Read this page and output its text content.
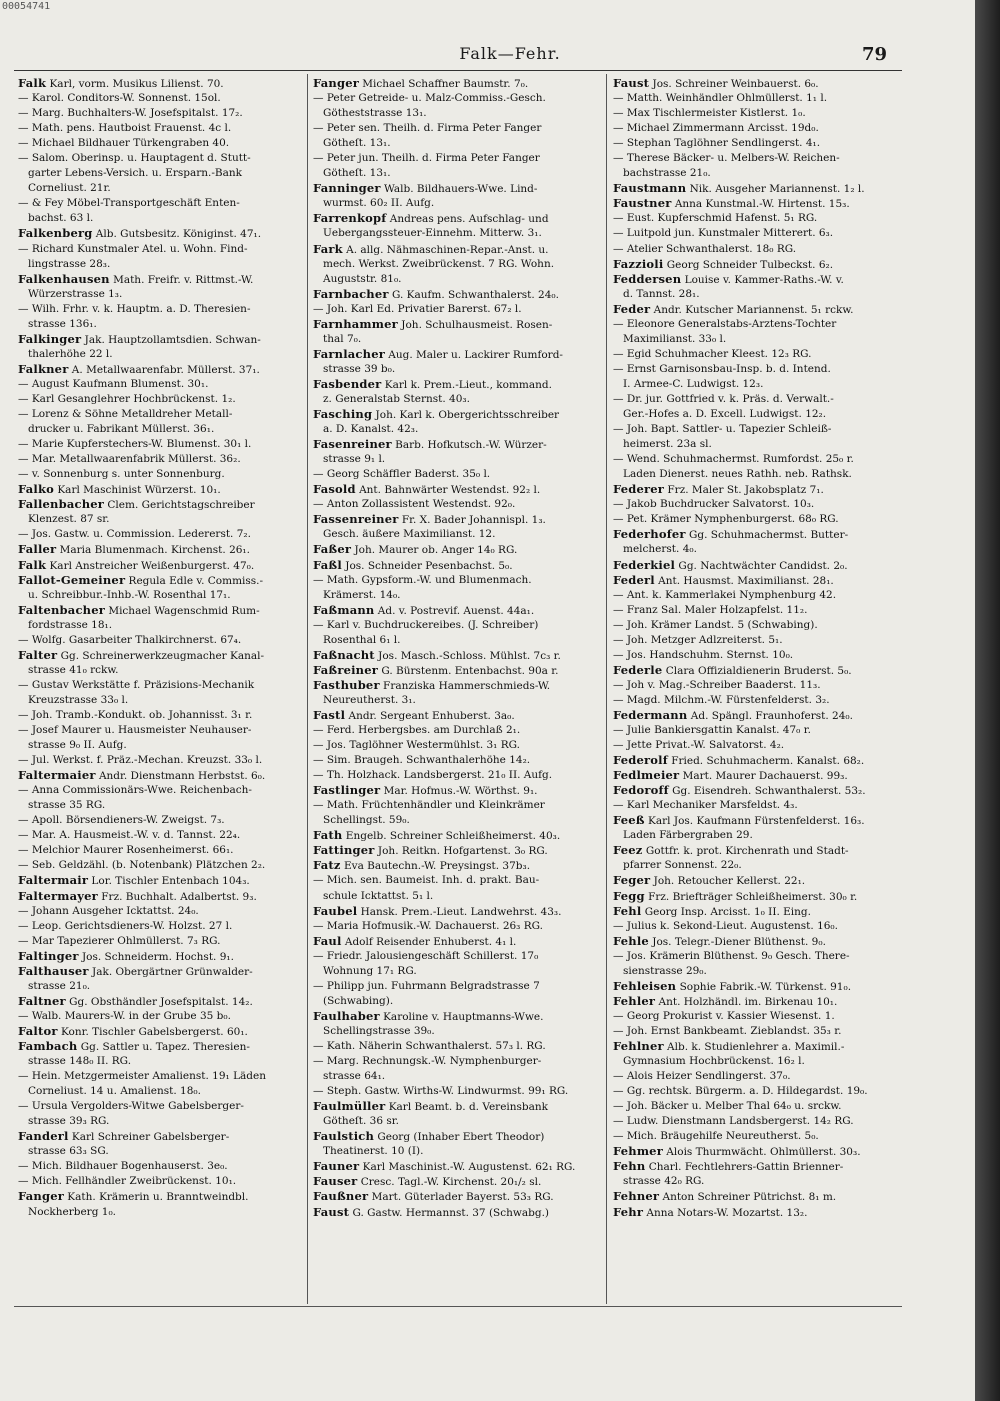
00054741
Falk—Fehr.	79
Falk Karl, vorm. Musikus Lilienst. 70.
— Karol. Conditors-W. Sonnenst. 15ol.
— Marg. Buchhalters-W. Josefspitalst. 17₂.
— Math. pens. Hautboist Frauenst. 4c l.
— Michael Bildhauer Türkengraben 40.
— Salom. Oberinsp. u. Hauptagent d. Stutt-
garter Lebens-Versich. u. Ersparn.-Bank
Corneliust. 21r.
— & Fey Möbel-Transportgeschäft Enten-
bachst. 63 l.
Falkenberg Alb. Gutsbesitz. Königinst. 47₁.
— Richard Kunstmaler Atel. u. Wohn. Find-
lingstrasse 28₃.
Falkenhausen Math. Freifr. v. Rittmst.-W.
Würzerstrasse 1₃.
— Wilh. Frhr. v. k. Hauptm. a. D. Theresien-
strasse 136₁.
Falkinger Jak. Hauptzollamtsdien. Schwan-
thalerhöhe 22 l.
Falkner A. Metallwaarenfabr. Müllerst. 37₁.
— August Kaufmann Blumenst. 30₁.
— Karl Gesanglehrer Hochbrückenst. 1₂.
— Lorenz & Söhne Metalldreher Metall-
drucker u. Fabrikant Müllerst. 36₁.
— Marie Kupferstechers-W. Blumenst. 30₁ l.
— Mar. Metallwaarenfabrik Müllerst. 36₂.
— v. Sonnenburg s. unter Sonnenburg.
Falko Karl Maschinist Würzerst. 10₁.
Fallenbacher Clem. Gerichtstagschreiber
Klenzest. 87 sr.
— Jos. Gastw. u. Commission. Ledererst. 7₂.
Faller Maria Blumenmach. Kirchenst. 26₁.
Falk Karl Anstreicher Weißenburgerst. 47₀.
Fallot-Gemeiner Regula Edle v. Commiss.-
u. Schreibbur.-Inhb.-W. Rosenthal 17₁.
Faltenbacher Michael Wagenschmid Rum-
fordstrasse 18₁.
— Wolfg. Gasarbeiter Thalkirchnerst. 67₄.
Falter Gg. Schreinerwerkzeugmacher Kanal-
strasse 41₀ rckw.
— Gustav Werkstätte f. Präzisions-Mechanik
Kreuzstrasse 33₀ l.
— Joh. Tramb.-Kondukt. ob. Johannisst. 3₁ r.
— Josef Maurer u. Hausmeister Neuhauser-
strasse 9₀ II. Aufg.
— Jul. Werkst. f. Präz.-Mechan. Kreuzst. 33₀ l.
Faltermaier Andr. Dienstmann Herbstst. 6₀.
— Anna Commissionärs-Wwe. Reichenbach-
strasse 35 RG.
— Apoll. Börsendieners-W. Zweigst. 7₃.
— Mar. A. Hausmeist.-W. v. d. Tannst. 22₄.
— Melchior Maurer Rosenheimerst. 66₁.
— Seb. Geldzähl. (b. Notenbank) Plätzchen 2₂.
Faltermair Lor. Tischler Entenbach 104₃.
Faltermayer Frz. Buchhalt. Adalbertst. 9₃.
— Johann Ausgeher Icktattst. 24₀.
— Leop. Gerichtsdieners-W. Holzst. 27 l.
— Mar Tapezierer Ohlmüllerst. 7₃ RG.
Faltinger Jos. Schneiderm. Hochst. 9₁.
Falthauser Jak. Obergärtner Grünwalder-
strasse 21₀.
Faltner Gg. Obsthändler Josefspitalst. 14₂.
— Walb. Maurers-W. in der Grube 35 b₀.
Faltor Konr. Tischler Gabelsbergerst. 60₁.
Fambach Gg. Sattler u. Tapez. Theresien-
strasse 148₀ II. RG.
— Hein. Metzgermeister Amalienst. 19₁ Läden
Corneliust. 14 u. Amalienst. 18₀.
— Ursula Vergolders-Witwe Gabelsberger-
strasse 39₃ RG.
Fanderl Karl Schreiner Gabelsberger-
strasse 63₃ SG.
— Mich. Bildhauer Bogenhauserst. 3e₀.
— Mich. Fellhändler Zweibrückenst. 10₁.
Fanger Kath. Krämerin u. Branntweindbl.
Nockherberg 1₀.
Fanger Michael Schaffner Baumstr. 7₀.
— Peter Getreide- u. Malz-Commiss.-Gesch.
Götheststrasse 13₁.
— Peter sen. Theilh. d. Firma Peter Fanger
Götheſt. 13₁.
— Peter jun. Theilh. d. Firma Peter Fanger
Götheſt. 13₁.
Fanninger Walb. Bildhauers-Wwe. Lind-
wurmst. 60₂ II. Aufg.
Farrenkopf Andreas pens. Aufschlag- und
Uebergangssteuer-Einnehm. Mitterw. 3₁.
Fark A. allg. Nähmaschinen-Repar.-Anst. u.
mech. Werkst. Zweibrückenst. 7 RG. Wohn.
Auguststr. 81₀.
Farnbacher G. Kaufm. Schwanthalerst. 24₀.
— Joh. Karl Ed. Privatier Barerst. 67₂ l.
Farnhammer Joh. Schulhausmeist. Rosen-
thal 7₀.
Farnlacher Aug. Maler u. Lackirer Rumford-
strasse 39 b₀.
Fasbender Karl k. Prem.-Lieut., kommand.
z. Generalstab Sternst. 40₃.
Fasching Joh. Karl k. Obergerichtsschreiber
a. D. Kanalst. 42₃.
Fasenreiner Barb. Hofkutsch.-W. Würzer-
strasse 9₁ l.
— Georg Schäffler Baderst. 35₀ l.
Fasold Ant. Bahnwärter Westendst. 92₂ l.
— Anton Zollassistent Westendst. 92₀.
Fassenreiner Fr. X. Bader Johannispl. 1₃.
Gesch. äußere Maximilianst. 12.
Faßer Joh. Maurer ob. Anger 14₀ RG.
Faßl Jos. Schneider Pesenbachst. 5₀.
— Math. Gypsform.-W. und Blumenmach.
Krämerst. 14₀.
Faßmann Ad. v. Postrevif. Auenst. 44a₁.
— Karl v. Buchdruckereibes. (J. Schreiber)
Rosenthal 6₁ l.
Faßnacht Jos. Masch.-Schloss. Mühlst. 7c₃ r.
Faßreiner G. Bürstenm. Entenbachst. 90a r.
Fasthuber Franziska Hammerschmieds-W.
Neureutherst. 3₁.
Fastl Andr. Sergeant Enhuberst. 3a₀.
— Ferd. Herbergsbes. am Durchlaß 2₁.
— Jos. Taglöhner Westermühlst. 3₁ RG.
— Sim. Braugeh. Schwanthalerhöhe 14₂.
— Th. Holzhack. Landsbergerst. 21₀ II. Aufg.
Fastlinger Mar. Hofmus.-W. Wörthst. 9₁.
— Math. Früchtenhändler und Kleinkrämer
Schellingst. 59₀.
Fath Engelb. Schreiner Schleißheimerst. 40₃.
Fattinger Joh. Reitkn. Hofgartenst. 3₀ RG.
Fatz Eva Bautechn.-W. Preysingst. 37b₃.
— Mich. sen. Baumeist. Inh. d. prakt. Bau-
schule Icktattst. 5₁ l.
Faubel Hansk. Prem.-Lieut. Landwehrst. 43₃.
— Maria Hofmusik.-W. Dachauerst. 26₃ RG.
Faul Adolf Reisender Enhuberst. 4₁ l.
— Friedr. Jalousiengeschäft Schillerst. 17₀
Wohnung 17₁ RG.
— Philipp jun. Fuhrmann Belgradstrasse 7
(Schwabing).
Faulhaber Karoline v. Hauptmanns-Wwe.
Schellingstrasse 39₀.
— Kath. Näherin Schwanthalerst. 57₃ l. RG.
— Marg. Rechnungsk.-W. Nymphenburger-
strasse 64₁.
— Steph. Gastw. Wirths-W. Lindwurmst. 99₁ RG.
Faulmüller Karl Beamt. b. d. Vereinsbank
Götheſt. 36 sr.
Faulstich Georg (Inhaber Ebert Theodor)
Theatinerst. 10 (I).
Fauner Karl Maschinist.-W. Augustenst. 62₁ RG.
Fauser Cresc. Tagl.-W. Kirchenst. 20₁/₂ sl.
Faußner Mart. Güterlader Bayerst. 53₃ RG.
Faust G. Gastw. Hermannst. 37 (Schwabg.)
Faust Jos. Schreiner Weinbauerst. 6₀.
— Matth. Weinhändler Ohlmüllerst. 1₁ l.
— Max Tischlermeister Kistlerst. 1₀.
— Michael Zimmermann Arcisst. 19d₀.
— Stephan Taglöhner Sendlingerst. 4₁.
— Therese Bäcker- u. Melbers-W. Reichen-
bachstrasse 21₀.
Faustmann Nik. Ausgeher Mariannenst. 1₂ l.
Faustner Anna Kunstmal.-W. Hirtenst. 15₃.
— Eust. Kupferschmid Hafenst. 5₁ RG.
— Luitpold jun. Kunstmaler Mitterert. 6₃.
— Atelier Schwanthalerst. 18₀ RG.
Fazzioli Georg Schneider Tulbeckst. 6₂.
Feddersen Louise v. Kammer-Raths.-W. v.
d. Tannst. 28₁.
Feder Andr. Kutscher Mariannenst. 5₁ rckw.
— Eleonore Generalstabs-Arztens-Tochter
Maximilianst. 33₀ l.
— Egid Schuhmacher Kleest. 12₃ RG.
— Ernst Garnisonsbau-Insp. b. d. Intend.
I. Armee-C. Ludwigst. 12₃.
— Dr. jur. Gottfried v. k. Präs. d. Verwalt.-
Ger.-Hofes a. D. Excell. Ludwigst. 12₂.
— Joh. Bapt. Sattler- u. Tapezier Schleiß-
heimerst. 23a sl.
— Wend. Schuhmachermst. Rumfordst. 25₀ r.
Laden Dienerst. neues Rathh. neb. Rathsk.
Federer Frz. Maler St. Jakobsplatz 7₁.
— Jakob Buchdrucker Salvatorst. 10₃.
— Pet. Krämer Nymphenburgerst. 68₀ RG.
Federhofer Gg. Schuhmachermst. Butter-
melcherst. 4₀.
Federkiel Gg. Nachtwächter Candidst. 2₀.
Federl Ant. Hausmst. Maximilianst. 28₁.
— Ant. k. Kammerlakei Nymphenburg 42.
— Franz Sal. Maler Holzapfelst. 11₂.
— Joh. Krämer Landst. 5 (Schwabing).
— Joh. Metzger Adlzreiterst. 5₁.
— Jos. Handschuhm. Sternst. 10₀.
Federle Clara Offizialdienerin Bruderst. 5₀.
— Joh v. Mag.-Schreiber Baaderst. 11₃.
— Magd. Milchm.-W. Fürstenfelderst. 3₂.
Federmann Ad. Spängl. Fraunhoferst. 24₀.
— Julie Bankiersgattin Kanalst. 47₀ r.
— Jette Privat.-W. Salvatorst. 4₂.
Federolf Fried. Schuhmacherm. Kanalst. 68₂.
Fedlmeier Mart. Maurer Dachauerst. 99₃.
Fedoroff Gg. Eisendreh. Schwanthalerst. 53₂.
— Karl Mechaniker Marsfeldst. 4₃.
Feeß Karl Jos. Kaufmann Fürstenfelderst. 16₃.
Laden Färbergraben 29.
Feez Gottfr. k. prot. Kirchenrath und Stadt-
pfarrer Sonnenst. 22₀.
Feger Joh. Retoucher Kellerst. 22₁.
Fegg Frz. Briefträger Schleißheimerst. 30₀ r.
Fehl Georg Insp. Arcisst. 1₀ II. Eing.
— Julius k. Sekond-Lieut. Augustenst. 16₀.
Fehle Jos. Telegr.-Diener Blüthenst. 9₀.
— Jos. Krämerin Blüthenst. 9₀ Gesch. There-
sienstrasse 29₀.
Fehleisen Sophie Fabrik.-W. Türkenst. 91₀.
Fehler Ant. Holzhändl. im. Birkenau 10₁.
— Georg Prokurist v. Kassier Wiesenst. 1.
— Joh. Ernst Bankbeamt. Zieblandst. 35₃ r.
Fehlner Alb. k. Studienlehrer a. Maximil.-
Gymnasium Hochbrückenst. 16₂ l.
— Alois Heizer Sendlingerst. 37₀.
— Gg. rechtsk. Bürgerm. a. D. Hildegardst. 19₀.
— Joh. Bäcker u. Melber Thal 64₀ u. srckw.
— Ludw. Dienstmann Landsbergerst. 14₂ RG.
— Mich. Bräugehilfe Neureutherst. 5₀.
Fehmer Alois Thurmwächt. Ohlmüllerst. 30₃.
Fehn Charl. Fechtlehrers-Gattin Brienner-
strasse 42₀ RG.
Fehner Anton Schreiner Pütrichst. 8₁ m.
Fehr Anna Notars-W. Mozartst. 13₂.
